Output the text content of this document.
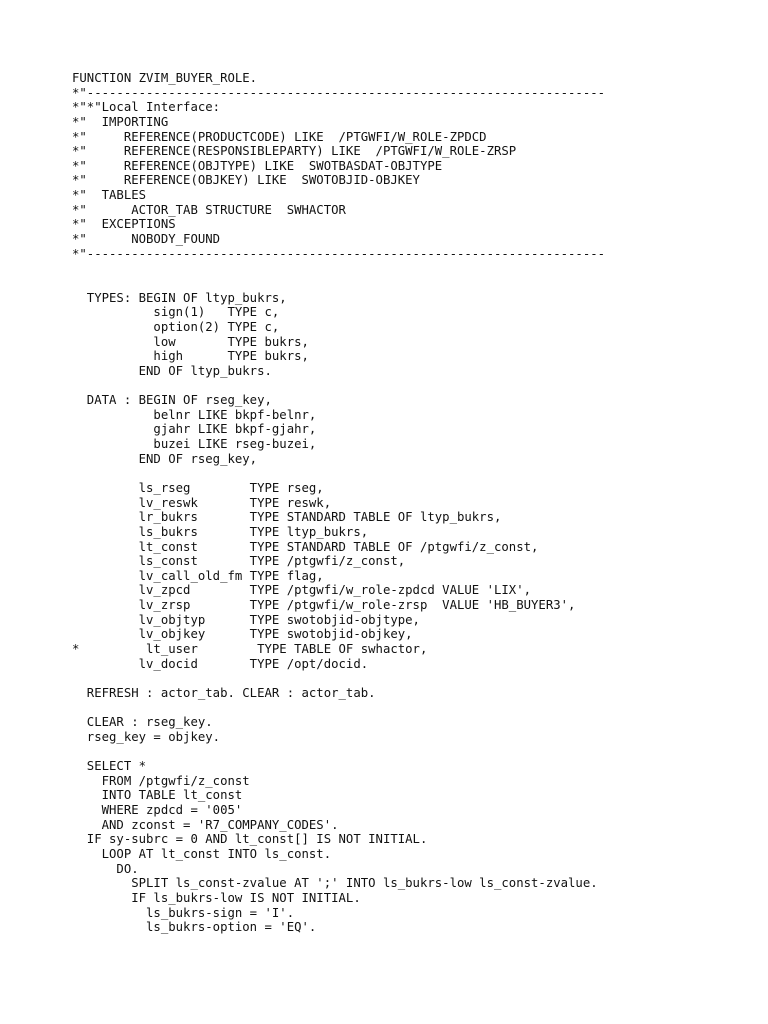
FUNCTION ZVIM_BUYER_ROLE.
*"----------------------------------------------------------------------
*"*"Local Interface:
*"  IMPORTING
*"     REFERENCE(PRODUCTCODE) LIKE  /PTGWFI/W_ROLE-ZPDCD
*"     REFERENCE(RESPONSIBLEPARTY) LIKE  /PTGWFI/W_ROLE-ZRSP
*"     REFERENCE(OBJTYPE) LIKE  SWOTBASDAT-OBJTYPE
*"     REFERENCE(OBJKEY) LIKE  SWOTOBJID-OBJKEY
*"  TABLES
*"      ACTOR_TAB STRUCTURE  SWHACTOR
*"  EXCEPTIONS
*"      NOBODY_FOUND
*"----------------------------------------------------------------------
TYPES: BEGIN OF ltyp_bukrs,
sign(1)   TYPE c,
option(2) TYPE c,
low       TYPE bukrs,
high      TYPE bukrs,
END OF ltyp_bukrs.
DATA : BEGIN OF rseg_key,
belnr LIKE bkpf-belnr,
gjahr LIKE bkpf-gjahr,
buzei LIKE rseg-buzei,
END OF rseg_key,
ls_rseg        TYPE rseg,
lv_reswk       TYPE reswk,
lr_bukrs       TYPE STANDARD TABLE OF ltyp_bukrs,
ls_bukrs       TYPE ltyp_bukrs,
lt_const       TYPE STANDARD TABLE OF /ptgwfi/z_const,
ls_const       TYPE /ptgwfi/z_const,
lv_call_old_fm TYPE flag,
lv_zpcd        TYPE /ptgwfi/w_role-zpdcd VALUE 'LIX',
lv_zrsp        TYPE /ptgwfi/w_role-zrsp  VALUE 'HB_BUYER3',
lv_objtyp      TYPE swotobjid-objtype,
lv_objkey      TYPE swotobjid-objkey,
*         lt_user        TYPE TABLE OF swhactor,
lv_docid       TYPE /opt/docid.
REFRESH : actor_tab. CLEAR : actor_tab.
CLEAR : rseg_key.
rseg_key = objkey.
SELECT *
FROM /ptgwfi/z_const
INTO TABLE lt_const
WHERE zpdcd = '005'
AND zconst = 'R7_COMPANY_CODES'.
IF sy-subrc = 0 AND lt_const[] IS NOT INITIAL.
LOOP AT lt_const INTO ls_const.
DO.
SPLIT ls_const-zvalue AT ';' INTO ls_bukrs-low ls_const-zvalue.
IF ls_bukrs-low IS NOT INITIAL.
ls_bukrs-sign = 'I'.
ls_bukrs-option = 'EQ'.
